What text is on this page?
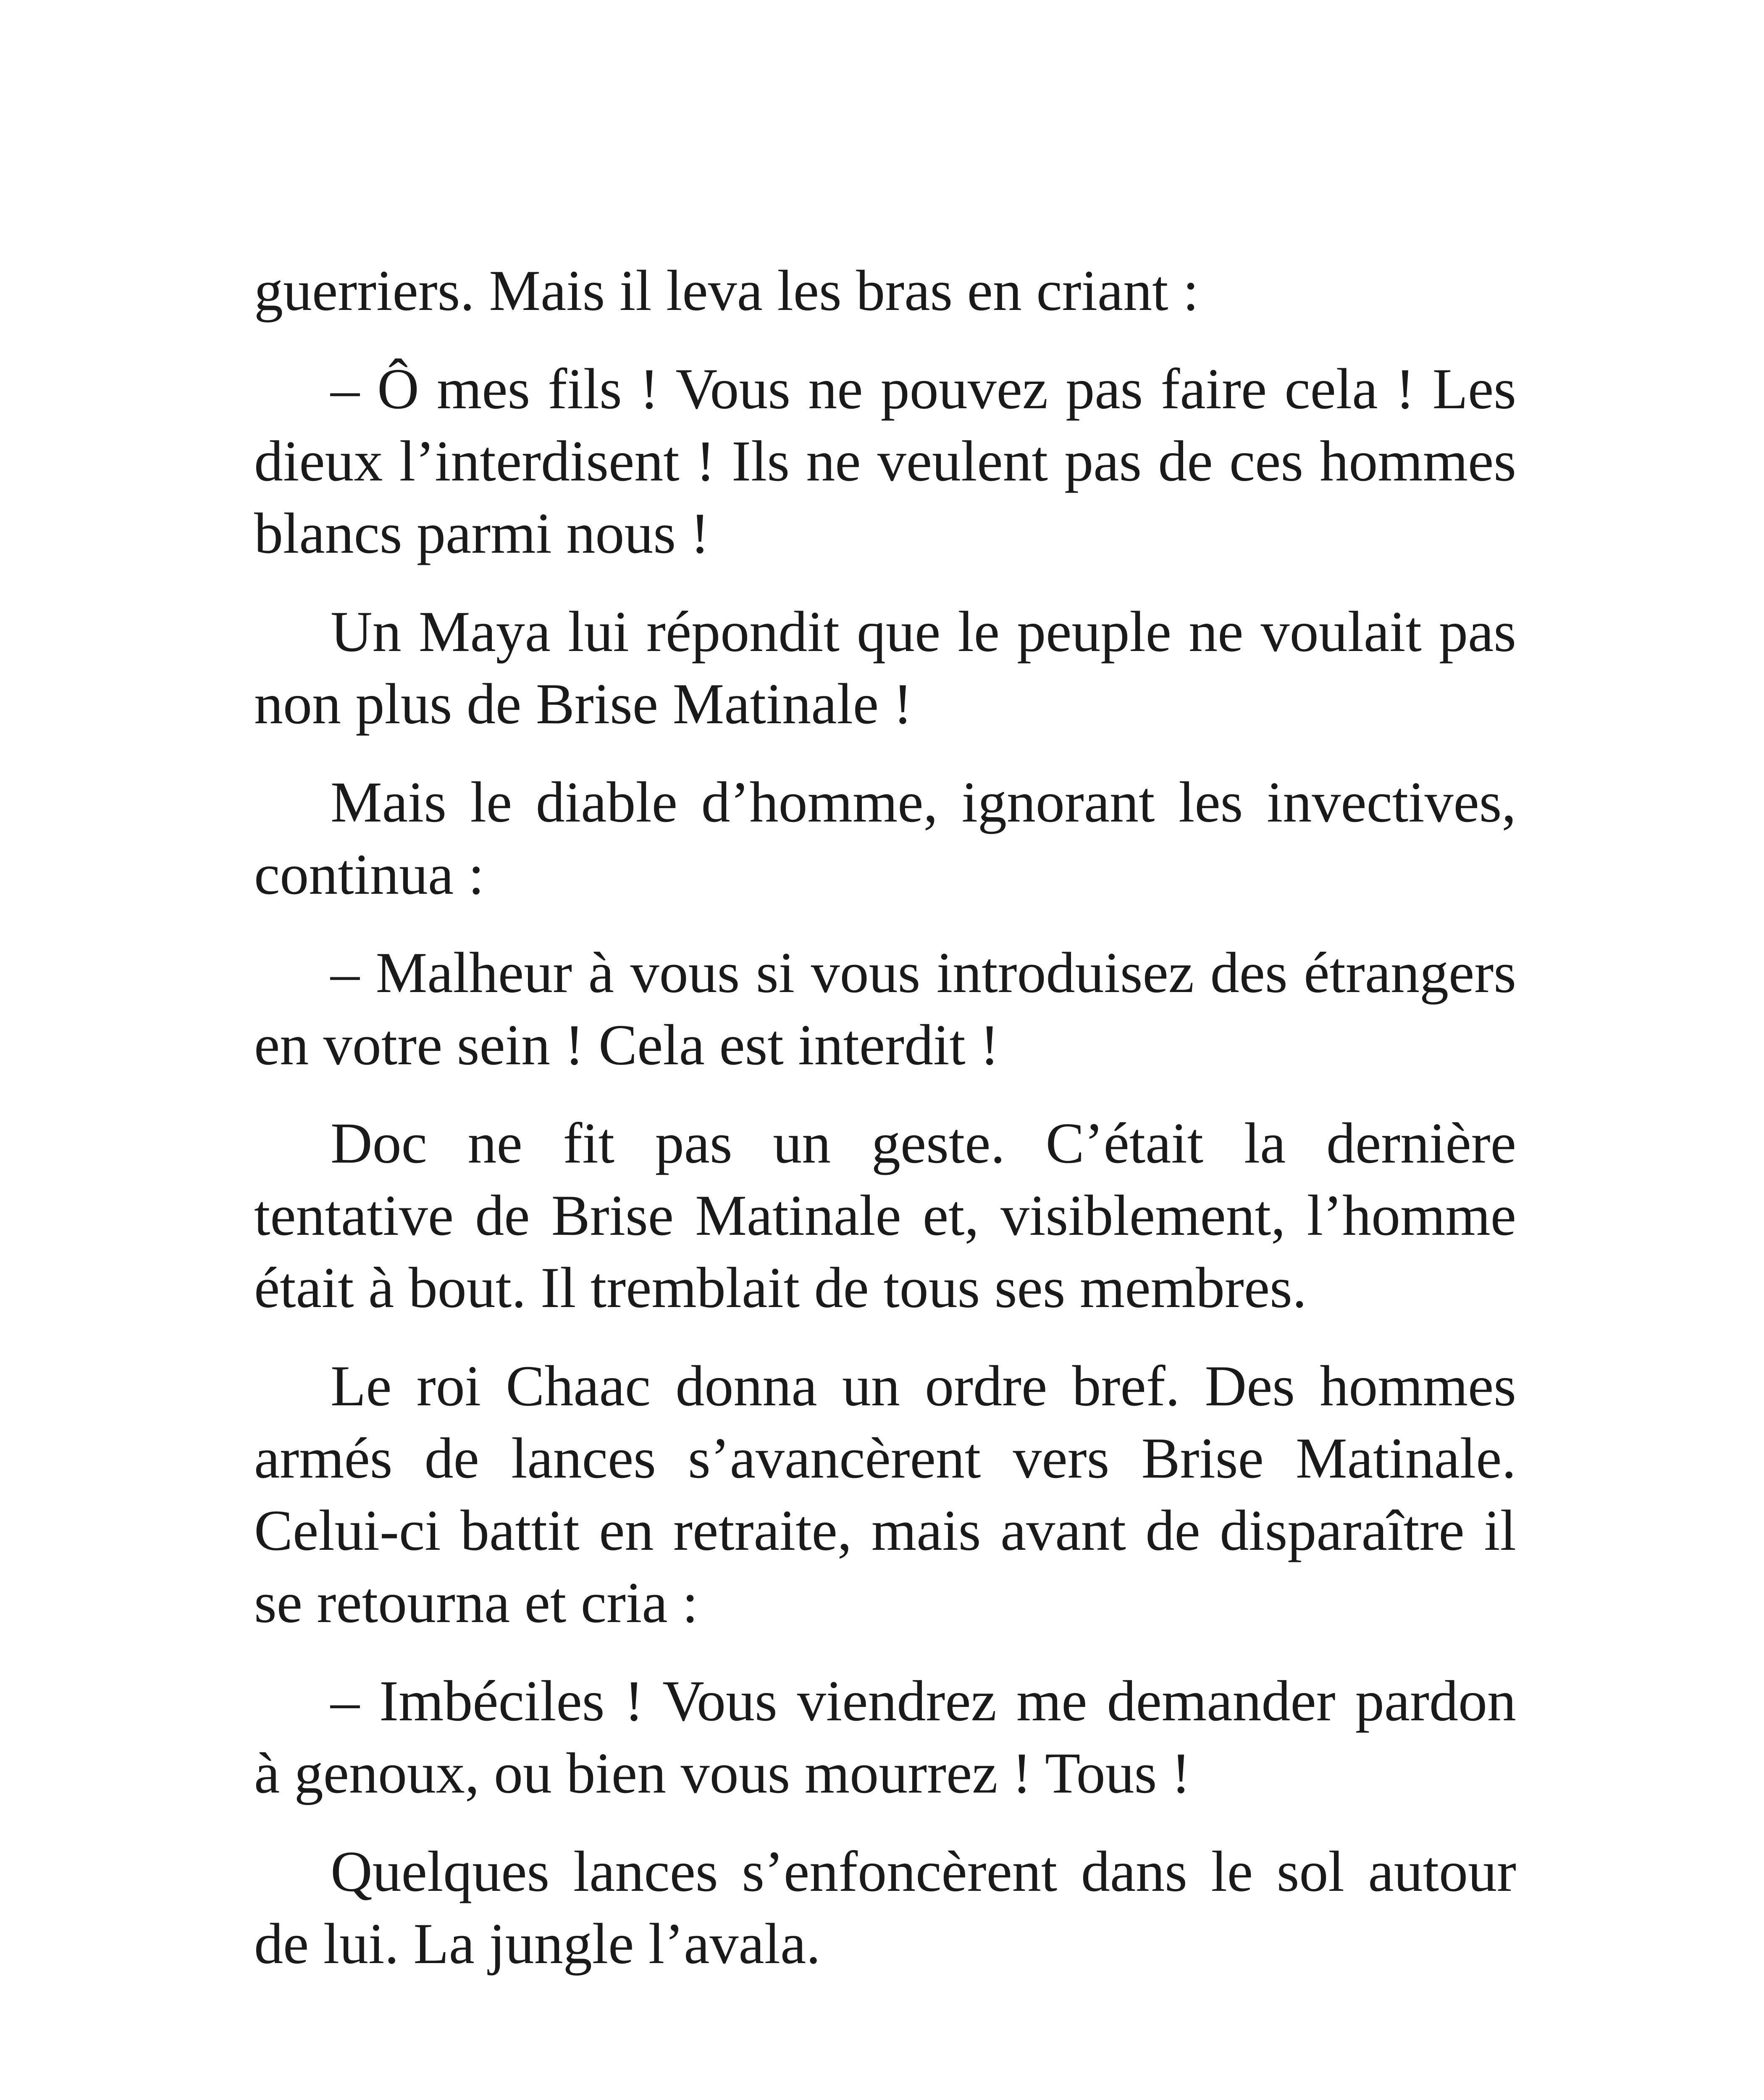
guerriers. Mais il leva les bras en criant :

– Ô mes fils ! Vous ne pouvez pas faire cela ! Les dieux l’interdisent ! Ils ne veulent pas de ces hommes blancs parmi nous !

Un Maya lui répondit que le peuple ne voulait pas non plus de Brise Matinale !

Mais le diable d’homme, ignorant les invectives, continua :

– Malheur à vous si vous introduisez des étrangers en votre sein ! Cela est interdit !

Doc ne fit pas un geste. C’était la dernière tentative de Brise Matinale et, visiblement, l’homme était à bout. Il tremblait de tous ses membres.

Le roi Chaac donna un ordre bref. Des hommes armés de lances s’avancèrent vers Brise Matinale. Celui-ci battit en retraite, mais avant de disparaître il se retourna et cria :

– Imbéciles ! Vous viendrez me demander pardon à genoux, ou bien vous mourrez ! Tous !

Quelques lances s’enfoncèrent dans le sol autour de lui. La jungle l’avala.
